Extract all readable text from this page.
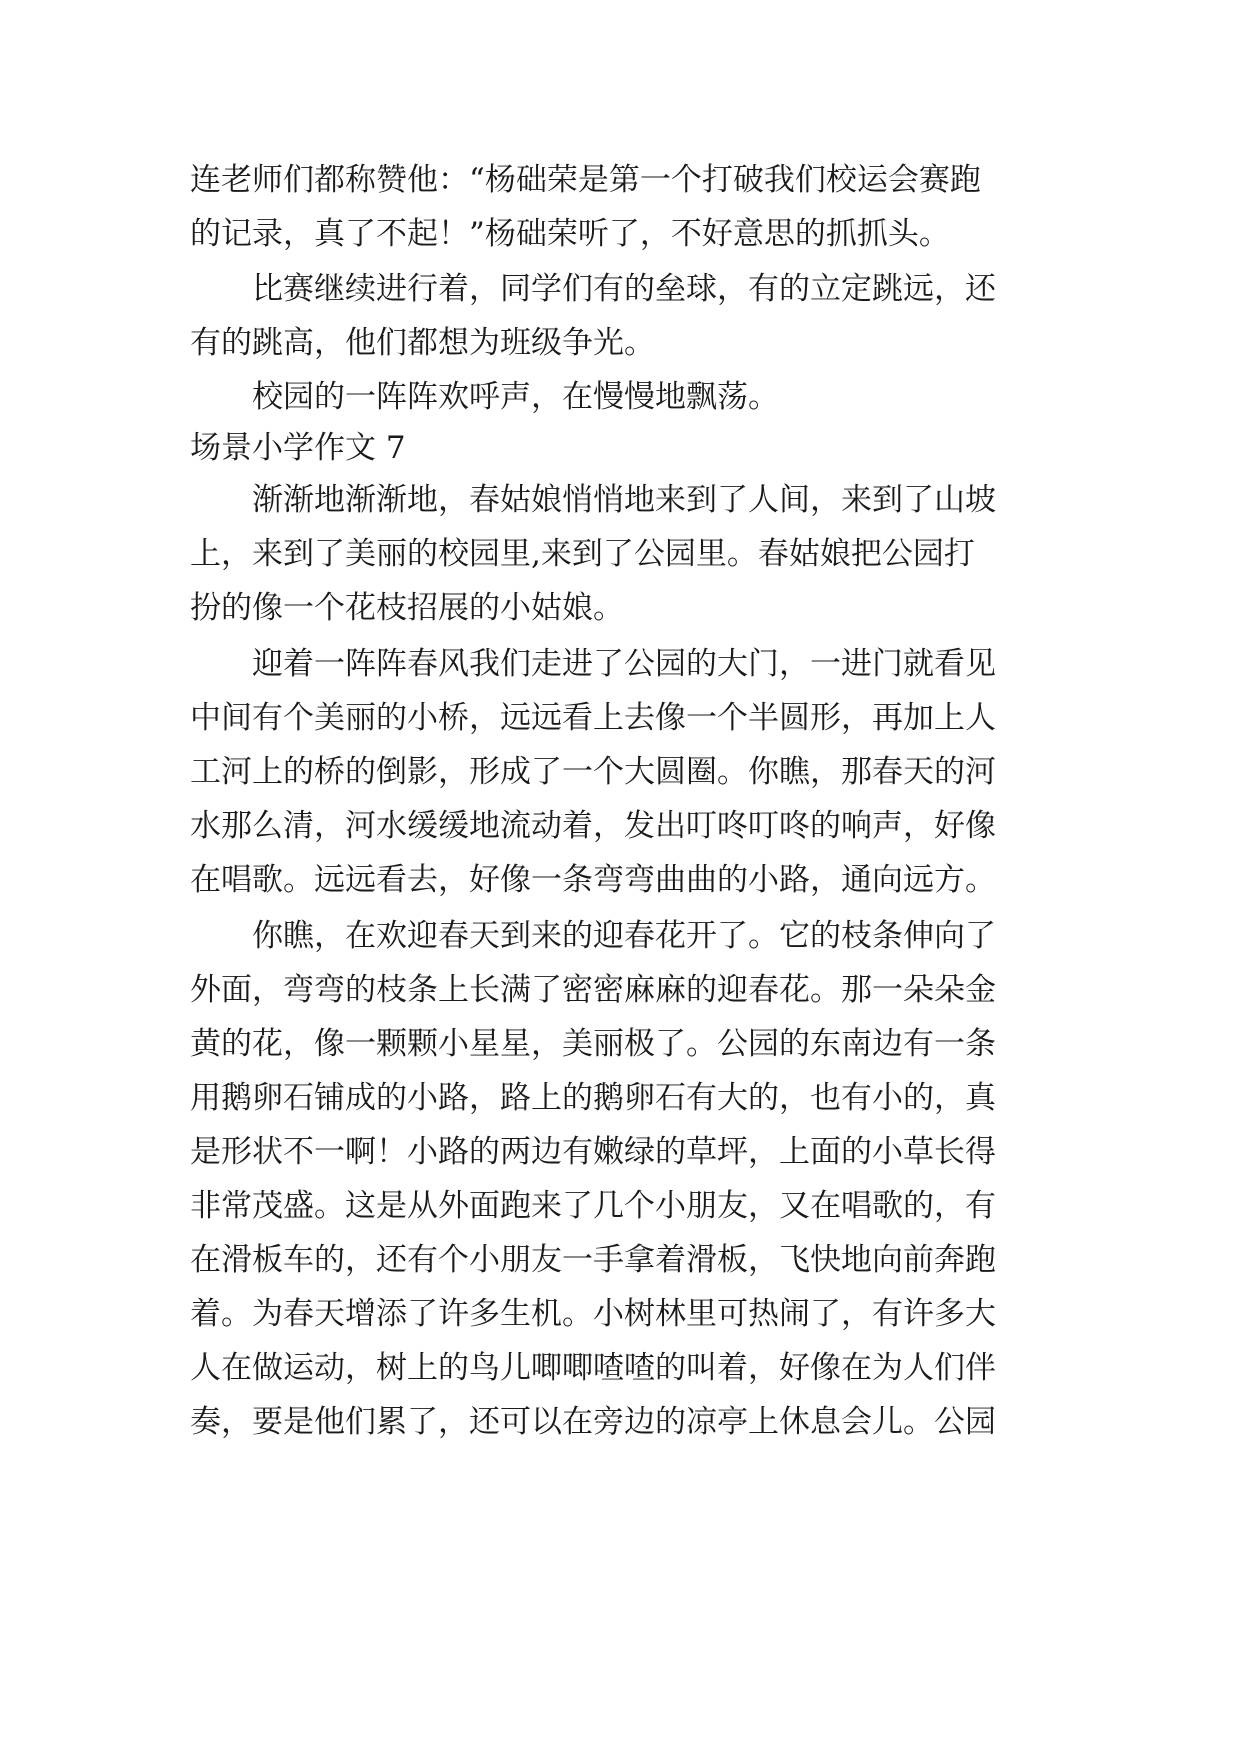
连老师们都称赞他：“杨础荣是第一个打破我们校运会赛跑
的记录，真了不起！”杨础荣听了，不好意思的抓抓头。
比赛继续进行着，同学们有的垒球，有的立定跳远，还
有的跳高，他们都想为班级争光。
校园的一阵阵欢呼声，在慢慢地飘荡。
场景小学作文 7
渐渐地渐渐地，春姑娘悄悄地来到了人间，来到了山坡
上，来到了美丽的校园里,来到了公园里。春姑娘把公园打
扮的像一个花枝招展的小姑娘。
迎着一阵阵春风我们走进了公园的大门，一进门就看见
中间有个美丽的小桥，远远看上去像一个半圆形，再加上人
工河上的桥的倒影，形成了一个大圆圈。你瞧，那春天的河
水那么清，河水缓缓地流动着，发出叮咚叮咚的响声，好像
在唱歌。远远看去，好像一条弯弯曲曲的小路，通向远方。
你瞧，在欢迎春天到来的迎春花开了。它的枝条伸向了
外面，弯弯的枝条上长满了密密麻麻的迎春花。那一朵朵金
黄的花，像一颗颗小星星，美丽极了。公园的东南边有一条
用鹅卵石铺成的小路，路上的鹅卵石有大的，也有小的，真
是形状不一啊！小路的两边有嫩绿的草坪，上面的小草长得
非常茂盛。这是从外面跑来了几个小朋友，又在唱歌的，有
在滑板车的，还有个小朋友一手拿着滑板，飞快地向前奔跑
着。为春天增添了许多生机。小树林里可热闹了，有许多大
人在做运动，树上的鸟儿唧唧喳喳的叫着，好像在为人们伴
奏，要是他们累了，还可以在旁边的凉亭上休息会儿。公园
